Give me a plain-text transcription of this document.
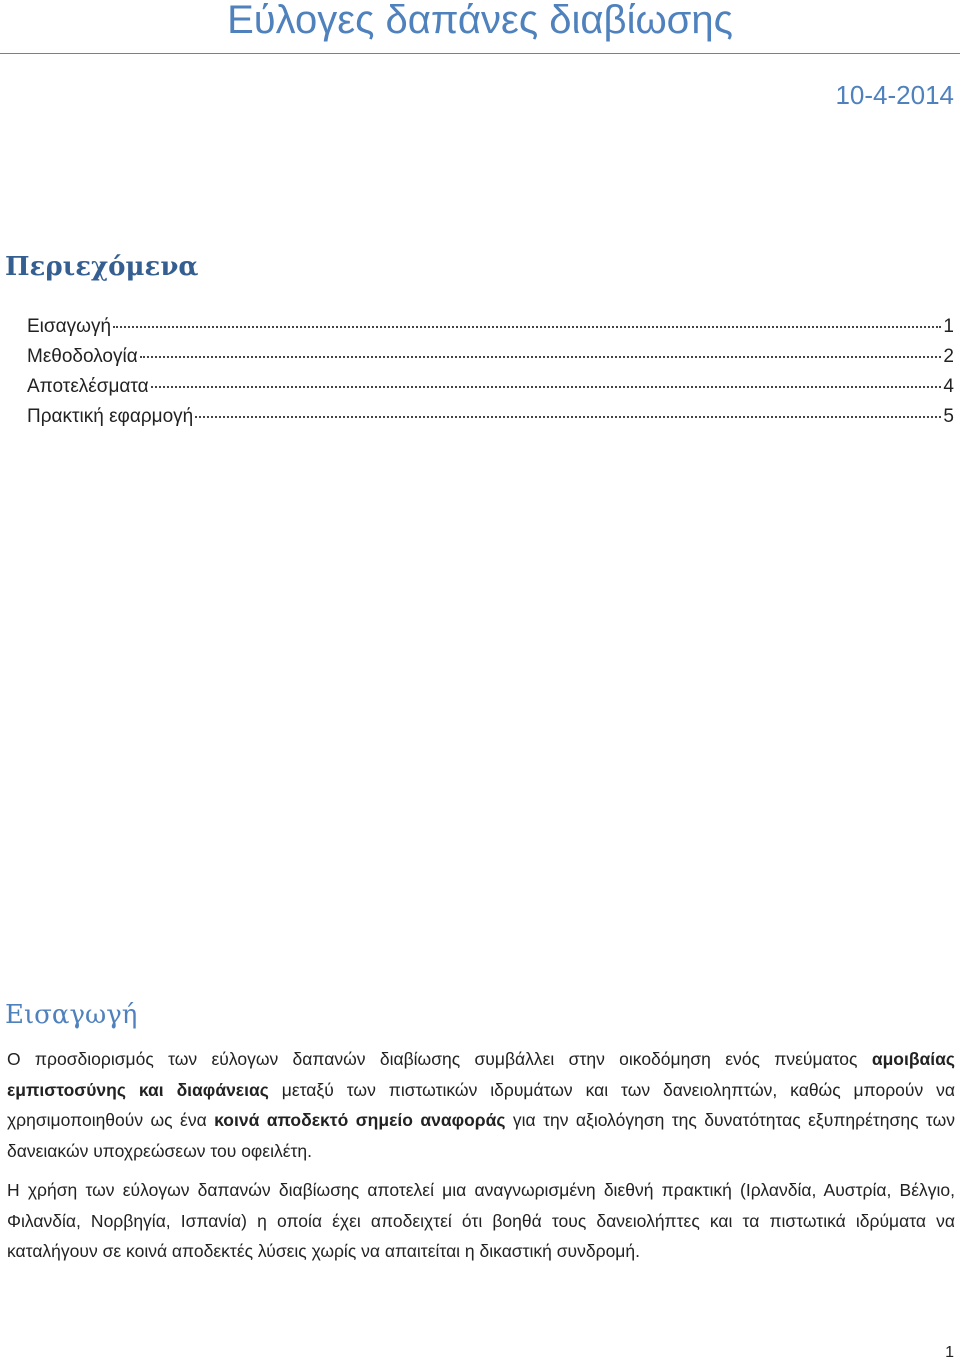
Εύλογες δαπάνες διαβίωσης
10-4-2014
Περιεχόμενα
Εισαγωγή	1
Μεθοδολογία	2
Αποτελέσματα	4
Πρακτική εφαρμογή	5
Εισαγωγή
Ο προσδιορισμός των εύλογων δαπανών διαβίωσης συμβάλλει στην οικοδόμηση ενός πνεύματος αμοιβαίας εμπιστοσύνης και διαφάνειας μεταξύ των πιστωτικών ιδρυμάτων και των δανειοληπτών, καθώς μπορούν να χρησιμοποιηθούν ως ένα κοινά αποδεκτό σημείο αναφοράς για την αξιολόγηση της δυνατότητας εξυπηρέτησης των δανειακών υποχρεώσεων του οφειλέτη.
Η χρήση των εύλογων δαπανών διαβίωσης αποτελεί μια αναγνωρισμένη διεθνή πρακτική (Ιρλανδία, Αυστρία, Βέλγιο, Φιλανδία, Νορβηγία, Ισπανία) η οποία έχει αποδειχτεί ότι βοηθά τους δανειολήπτες και τα πιστωτικά ιδρύματα να καταλήγουν σε κοινά αποδεκτές λύσεις χωρίς να απαιτείται η δικαστική συνδρομή.
1
